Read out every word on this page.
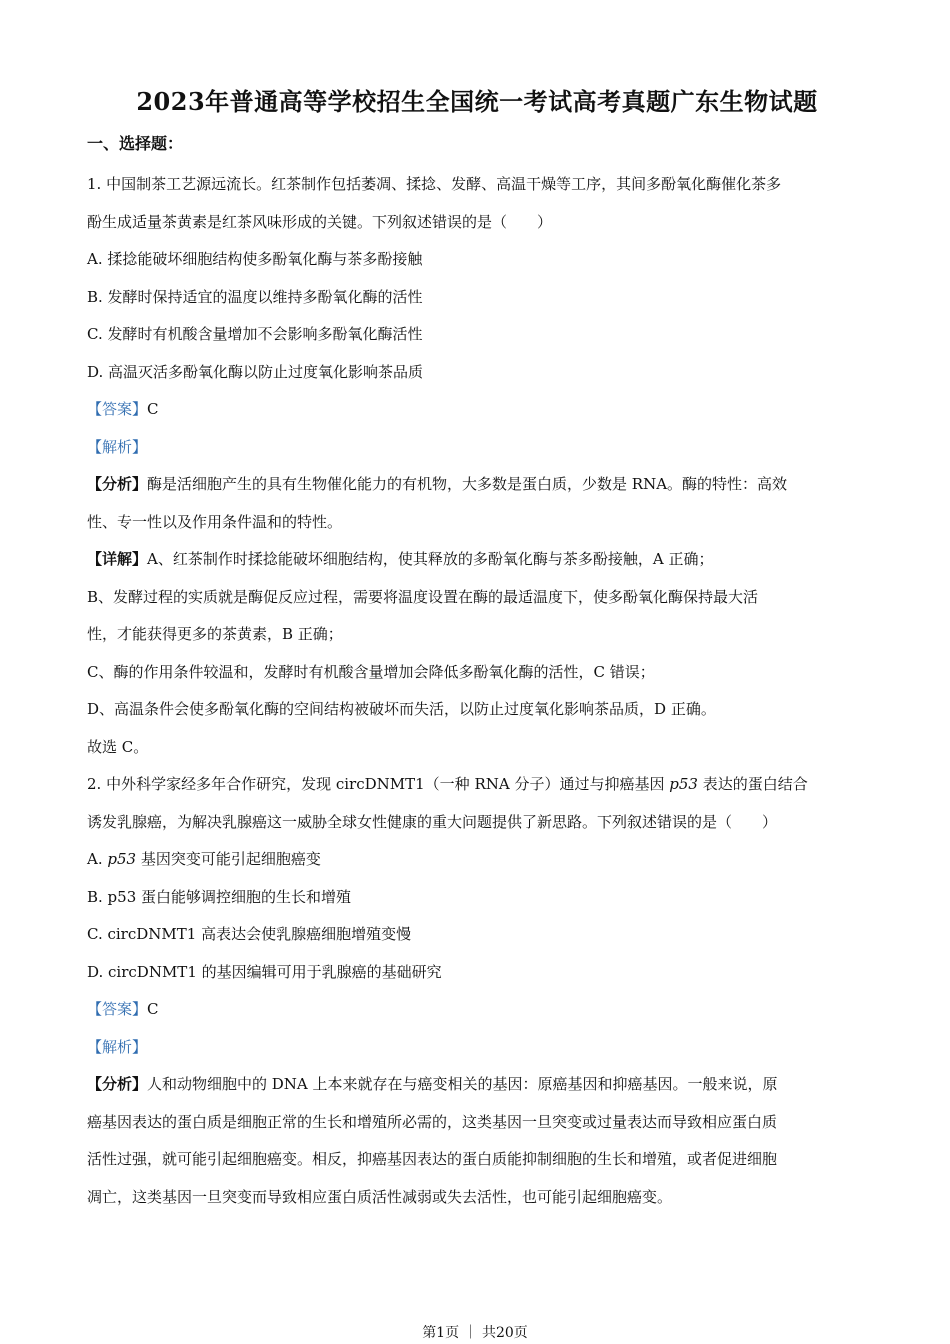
2023年普通高等学校招生全国统一考试高考真题广东生物试题
一、选择题：

1. 中国制茶工艺源远流长。红茶制作包括萎凋、揉捻、发酵、高温干燥等工序，其间多酚氧化酶催化茶多

酚生成适量茶黄素是红茶风味形成的关键。下列叙述错误的是（　　）

A. 揉捻能破坏细胞结构使多酚氧化酶与茶多酚接触

B. 发酵时保持适宜的温度以维持多酚氧化酶的活性

C. 发酵时有机酸含量增加不会影响多酚氧化酶活性

D. 高温灭活多酚氧化酶以防止过度氧化影响茶品质

【答案】C

【解析】

【分析】酶是活细胞产生的具有生物催化能力的有机物，大多数是蛋白质，少数是 RNA。酶的特性：高效

性、专一性以及作用条件温和的特性。

【详解】A、红茶制作时揉捻能破坏细胞结构，使其释放的多酚氧化酶与茶多酚接触，A 正确；

B、发酵过程的实质就是酶促反应过程，需要将温度设置在酶的最适温度下，使多酚氧化酶保持最大活

性，才能获得更多的茶黄素，B 正确；

C、酶的作用条件较温和，发酵时有机酸含量增加会降低多酚氧化酶的活性，C 错误；

D、高温条件会使多酚氧化酶的空间结构被破坏而失活，以防止过度氧化影响茶品质，D 正确。

故选 C。

2. 中外科学家经多年合作研究，发现 circDNMT1（一种 RNA 分子）通过与抑癌基因 p53 表达的蛋白结合

诱发乳腺癌，为解决乳腺癌这一威胁全球女性健康的重大问题提供了新思路。下列叙述错误的是（　　）

A. p53 基因突变可能引起细胞癌变

B. p53 蛋白能够调控细胞的生长和增殖

C. circDNMT1 高表达会使乳腺癌细胞增殖变慢

D. circDNMT1 的基因编辑可用于乳腺癌的基础研究

【答案】C

【解析】

【分析】人和动物细胞中的 DNA 上本来就存在与癌变相关的基因：原癌基因和抑癌基因。一般来说，原

癌基因表达的蛋白质是细胞正常的生长和增殖所必需的，这类基因一旦突变或过量表达而导致相应蛋白质

活性过强，就可能引起细胞癌变。相反，抑癌基因表达的蛋白质能抑制细胞的生长和增殖，或者促进细胞

凋亡，这类基因一旦突变而导致相应蛋白质活性减弱或失去活性，也可能引起细胞癌变。

第1页 ｜ 共20页
